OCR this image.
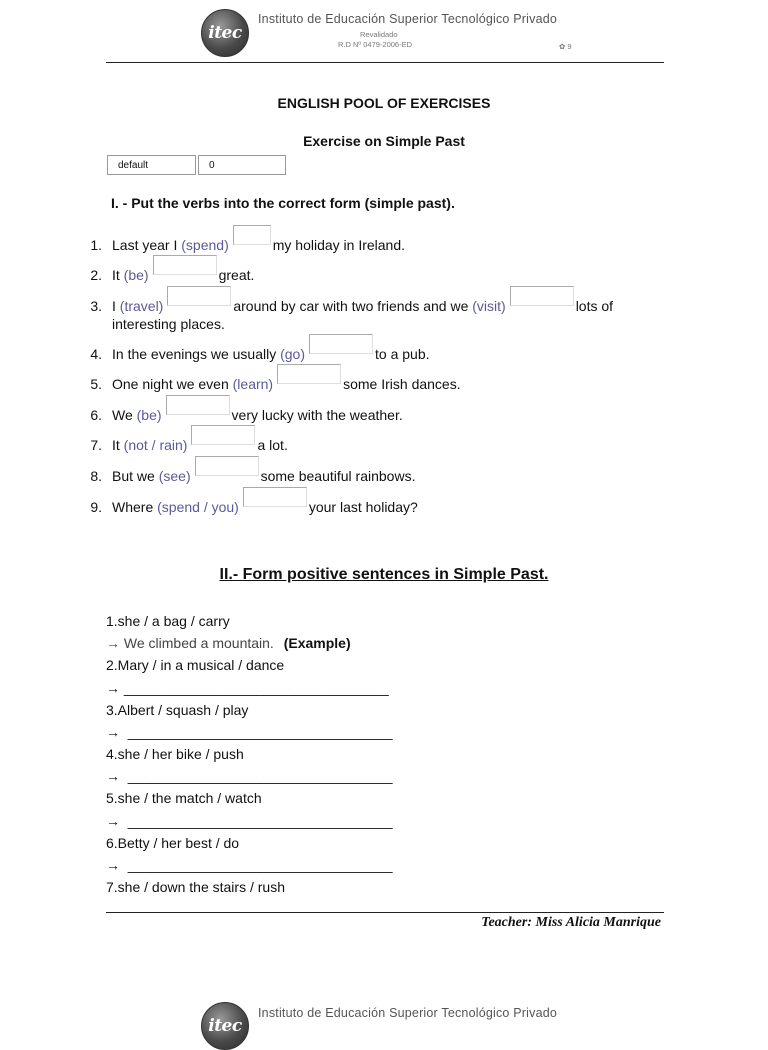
itec
Instituto de Educación Superior Tecnológico Privado
Revalidado
R.D Nº 0479-2006-ED	✿ 9
ENGLISH POOL OF EXERCISES
Exercise on Simple Past
default	0
I. - Put the verbs into the correct form (simple past).
1. Last year I (spend)	my holiday in Ireland.
2. It (be)	great.
3. I (travel)	around by car with two friends and we (visit)	lots of
interesting places.
4. In the evenings we usually (go)	to a pub.
5. One night we even (learn)	some Irish dances.
6. We (be)	very lucky with the weather.
7. It (not / rain)	a lot.
8. But we (see)	some beautiful rainbows.
9. Where (spend / you)	your last holiday?
II.- Form positive sentences in Simple Past.
1.she / a bag / carry
→ We climbed a mountain. (Example)
2.Mary / in a musical / dance
→ __________________________________
3.Albert / squash / play
→  __________________________________
4.she / her bike / push
→  __________________________________
5.she / the match / watch
→  __________________________________
6.Betty / her best / do
→  __________________________________
7.she / down the stairs / rush
Teacher: Miss Alicia Manrique
itec
Instituto de Educación Superior Tecnológico Privado
